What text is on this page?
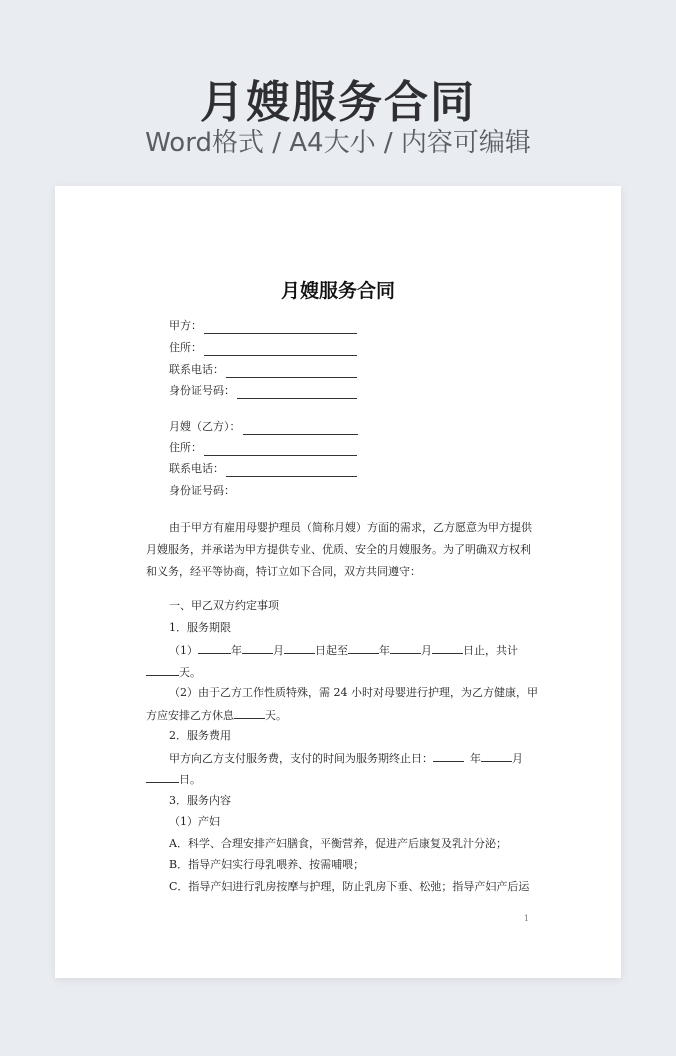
月嫂服务合同
Word格式 / A4大小 / 内容可编辑
月嫂服务合同
甲方：
住所：
联系电话：
身份证号码：
月嫂（乙方）：
住所：
联系电话：
身份证号码：
由于甲方有雇用母婴护理员（简称月嫂）方面的需求，乙方愿意为甲方提供
月嫂服务，并承诺为甲方提供专业、优质、安全的月嫂服务。为了明确双方权利
和义务，经平等协商，特订立如下合同，双方共同遵守：
一、甲乙双方约定事项
1．服务期限
（1）	年	月	日起至	年	月	日止，共计
天。
（2）由于乙方工作性质特殊，需 24 小时对母婴进行护理，为乙方健康，甲
方应安排乙方休息	天。
2．服务费用
甲方向乙方支付服务费，支付的时间为服务期终止日：	年	月
日。
3．服务内容
（1）产妇
A．科学、合理安排产妇膳食，平衡营养，促进产后康复及乳汁分泌；
B．指导产妇实行母乳喂养、按需哺喂；
C．指导产妇进行乳房按摩与护理，防止乳房下垂、松弛；指导产妇产后运
1
